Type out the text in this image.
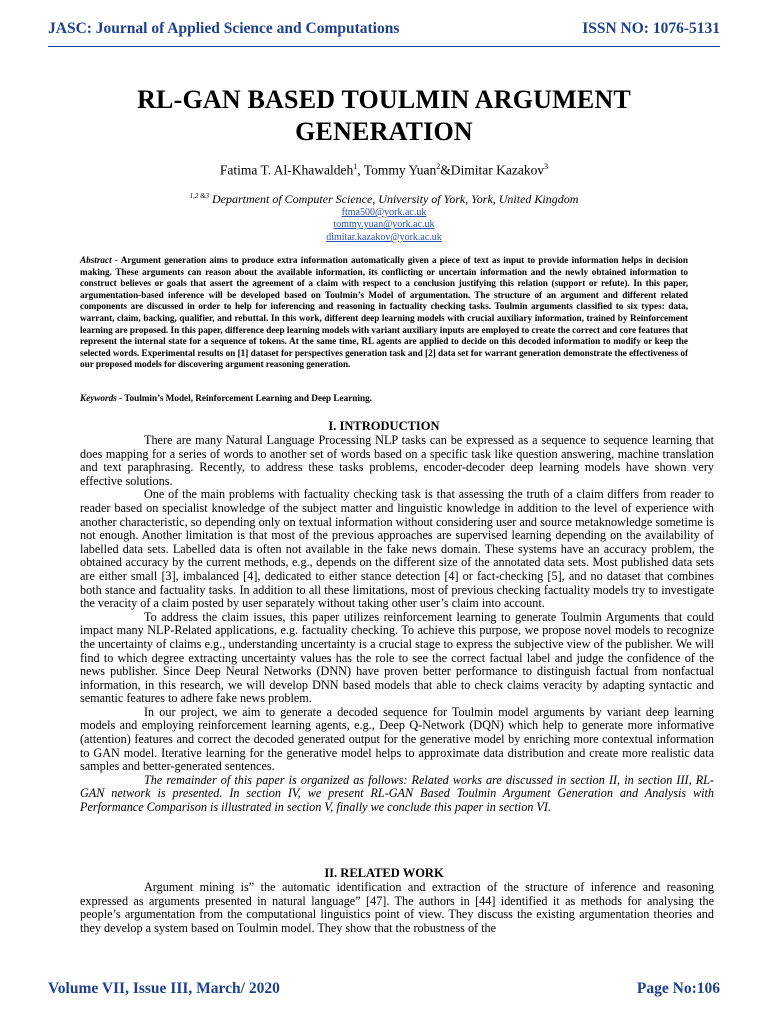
JASC: Journal of Applied Science and Computations	ISSN NO: 1076-5131
RL-GAN BASED TOULMIN ARGUMENT GENERATION
Fatima T. Al-Khawaldeh$^1$, Tommy Yuan$^2$&Dimitar Kazakov$^3$
$^{1,2 \&3}$ Department of Computer Science, University of York, York, United Kingdom
ftma500@york.ac.uk
tommy.yuan@york.ac.uk
dimitar.kazakov@york.ac.uk
Abstract - Argument generation aims to produce extra information automatically given a piece of text as input to provide information helps in decision making. These arguments can reason about the available information, its conflicting or uncertain information and the newly obtained information to construct believes or goals that assert the agreement of a claim with respect to a conclusion justifying this relation (support or refute). In this paper, argumentation-based inference will be developed based on Toulmin’s Model of argumentation. The structure of an argument and different related components are discussed in order to help for inferencing and reasoning in factuality checking tasks. Toulmin arguments classified to six types: data, warrant, claim, backing, qualifier, and rebuttal. In this work, different deep learning models with crucial auxiliary information, trained by Reinforcement learning are proposed. In this paper, difference deep learning models with variant auxiliary inputs are employed to create the correct and core features that represent the internal state for a sequence of tokens. At the same time, RL agents are applied to decide on this decoded information to modify or keep the selected words. Experimental results on [1] dataset for perspectives generation task and [2] data set for warrant generation demonstrate the effectiveness of our proposed models for discovering argument reasoning generation.
Keywords - Toulmin’s Model, Reinforcement Learning and Deep Learning.
I. INTRODUCTION

There are many Natural Language Processing NLP tasks can be expressed as a sequence to sequence learning that does mapping for a series of words to another set of words based on a specific task like question answering, machine translation and text paraphrasing. Recently, to address these tasks problems, encoder-decoder deep learning models have shown very effective solutions.

One of the main problems with factuality checking task is that assessing the truth of a claim differs from reader to reader based on specialist knowledge of the subject matter and linguistic knowledge in addition to the level of experience with another characteristic, so depending only on textual information without considering user and source metaknowledge sometime is not enough. Another limitation is that most of the previous approaches are supervised learning depending on the availability of labelled data sets. Labelled data is often not available in the fake news domain. These systems have an accuracy problem, the obtained accuracy by the current methods, e.g., depends on the different size of the annotated data sets. Most published data sets are either small [3], imbalanced [4], dedicated to either stance detection [4] or fact-checking [5], and no dataset that combines both stance and factuality tasks. In addition to all these limitations, most of previous checking factuality models try to investigate the veracity of a claim posted by user separately without taking other user’s claim into account.

To address the claim issues, this paper utilizes reinforcement learning to generate Toulmin Arguments that could impact many NLP-Related applications, e.g. factuality checking. To achieve this purpose, we propose novel models to recognize the uncertainty of claims e.g., understanding uncertainty is a crucial stage to express the subjective view of the publisher. We will find to which degree extracting uncertainty values has the role to see the correct factual label and judge the confidence of the news publisher. Since Deep Neural Networks (DNN) have proven better performance to distinguish factual from nonfactual information, in this research, we will develop DNN based models that able to check claims veracity by adapting syntactic and semantic features to adhere fake news problem.

In our project, we aim to generate a decoded sequence for Toulmin model arguments by variant deep learning models and employing reinforcement learning agents, e.g., Deep Q-Network (DQN) which help to generate more informative (attention) features and correct the decoded generated output for the generative model by enriching more contextual information to GAN model. Iterative learning for the generative model helps to approximate data distribution and create more realistic data samples and better-generated sentences.

The remainder of this paper is organized as follows: Related works are discussed in section II, in section III, RL-GAN network is presented. In section IV, we present RL-GAN Based Toulmin Argument Generation and Analysis with Performance Comparison is illustrated in section V, finally we conclude this paper in section VI.

II. RELATED WORK

Argument mining is” the automatic identification and extraction of the structure of inference and reasoning expressed as arguments presented in natural language” [47]. The authors in [44] identified it as methods for analysing the people’s argumentation from the computational linguistics point of view. They discuss the existing argumentation theories and they develop a system based on Toulmin model. They show that the robustness of the

Volume VII, Issue III, March/ 2020	Page No:106
